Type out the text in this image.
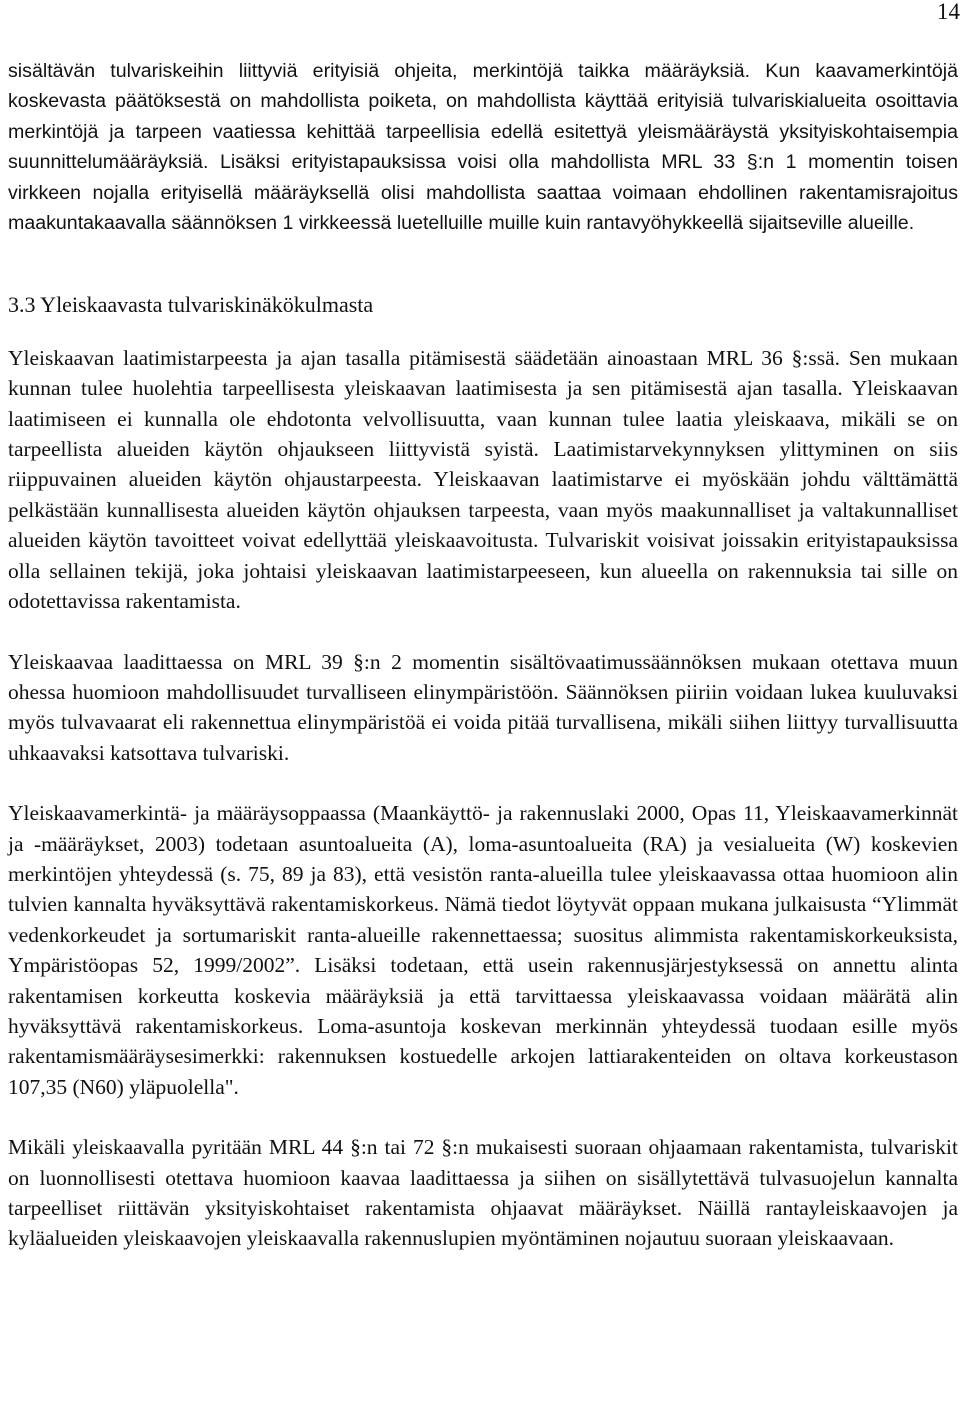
14

sisältävän tulvariskeihin liittyviä erityisiä ohjeita, merkintöjä taikka määräyksiä. Kun kaavamerkintöjä koskevasta päätöksestä on mahdollista poiketa, on mahdollista käyttää erityisiä tulvariskialueita osoittavia merkintöjä ja tarpeen vaatiessa kehittää tarpeellisia edellä esitettyä yleismääräystä yksityiskohtaisempia suunnittelumääräyksiä. Lisäksi erityistapauksissa voisi olla mahdollista MRL 33 §:n 1 momentin toisen virkkeen nojalla erityisellä määräyksellä olisi mahdollista saattaa voimaan ehdollinen rakentamisrajoitus maakuntakaavalla säännöksen 1 virkkeessä luetelluille muille kuin rantavyöhykkeellä sijaitseville alueille.

3.3 Yleiskaavasta tulvariskinäkökulmasta

Yleiskaavan laatimistarpeesta ja ajan tasalla pitämisestä säädetään ainoastaan MRL 36 §:ssä. Sen mukaan kunnan tulee huolehtia tarpeellisesta yleiskaavan laatimisesta ja sen pitämisestä ajan tasalla. Yleiskaavan laatimiseen ei kunnalla ole ehdotonta velvollisuutta, vaan kunnan tulee laatia yleiskaava, mikäli se on tarpeellista alueiden käytön ohjaukseen liittyvistä syistä. Laatimistarvekynnyksen ylittyminen on siis riippuvainen alueiden käytön ohjaustarpeesta. Yleiskaavan laatimistarve ei myöskään johdu välttämättä pelkästään kunnallisesta alueiden käytön ohjauksen tarpeesta, vaan myös maakunnalliset ja valtakunnalliset alueiden käytön tavoitteet voivat edellyttää yleiskaavoitusta. Tulvariskit voisivat joissakin erityistapauksissa olla sellainen tekijä, joka johtaisi yleiskaavan laatimistarpeeseen, kun alueella on rakennuksia tai sille on odotettavissa rakentamista.

Yleiskaavaa laadittaessa on MRL 39 §:n 2 momentin sisältövaatimussäännöksen mukaan otettava muun ohessa huomioon mahdollisuudet turvalliseen elinympäristöön. Säännöksen piiriin voidaan lukea kuuluvaksi myös tulvavaarat eli rakennettua elinympäristöä ei voida pitää turvallisena, mikäli siihen liittyy turvallisuutta uhkaavaksi katsottava tulvariski.

Yleiskaavamerkintä- ja määräysoppaassa (Maankäyttö- ja rakennuslaki 2000, Opas 11, Yleiskaavamerkinnät ja -määräykset, 2003) todetaan asuntoalueita (A), loma-asuntoalueita (RA) ja vesialueita (W) koskevien merkintöjen yhteydessä (s. 75, 89 ja 83), että vesistön ranta-alueilla tulee yleiskaavassa ottaa huomioon alin tulvien kannalta hyväksyttävä rakentamiskorkeus. Nämä tiedot löytyvät oppaan mukana julkaisusta “Ylimmät vedenkorkeudet ja sortumariskit ranta-alueille rakennettaessa; suositus alimmista rakentamiskorkeuksista, Ympäristöopas 52, 1999/2002”. Lisäksi todetaan, että usein rakennusjärjestyksessä on annettu alinta rakentamisen korkeutta koskevia määräyksiä ja että tarvittaessa yleiskaavassa voidaan määrätä alin hyväksyttävä rakentamiskorkeus. Loma-asuntoja koskevan merkinnän yhteydessä tuodaan esille myös rakentamismääräysesimerkki: rakennuksen kostuedelle arkojen lattiarakenteiden on oltava korkeustason 107,35 (N60) yläpuolella".

Mikäli yleiskaavalla pyritään MRL 44 §:n tai 72 §:n mukaisesti suoraan ohjaamaan rakentamista, tulvariskit on luonnollisesti otettava huomioon kaavaa laadittaessa ja siihen on sisällytettävä tulvasuojelun kannalta tarpeelliset riittävän yksityiskohtaiset rakentamista ohjaavat määräykset. Näillä rantayleiskaavojen ja kyläalueiden yleiskaavojen yleiskaavalla rakennuslupien myöntäminen nojautuu suoraan yleiskaavaan.
